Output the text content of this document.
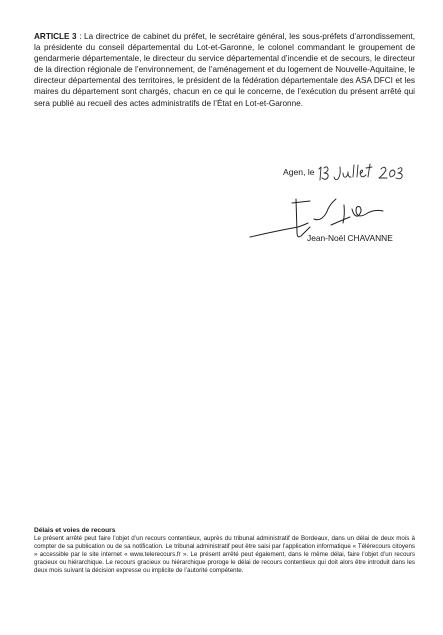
ARTICLE 3 : La directrice de cabinet du préfet, le secrétaire général, les sous-préfets d’arrondissement, la présidente du conseil départemental du Lot-et-Garonne, le colonel commandant le groupement de gendarmerie départementale, le directeur du service départemental d’incendie et de secours, le directeur de la direction régionale de l’environnement, de l’aménagement et du logement de Nouvelle-Aquitaine, le directeur départemental des territoires, le président de la fédération départementale des ASA DFCI et les maires du département sont chargés, chacun en ce qui le concerne, de l’exécution du présent arrêté qui sera publié au recueil des actes administratifs de l’État en Lot-et-Garonne.

Agen, le
Jean-Noël CHAVANNE

Délais et voies de recours
Le présent arrêté peut faire l’objet d’un recours contentieux, auprès du tribunal administratif de Bordeaux, dans un délai de deux mois à compter de sa publication ou de sa notification. Le tribunal administratif peut être saisi par l’application informatique « Télérecours citoyens » accessible par le site internet « www.telerecours.fr ». Le présent arrêté peut également, dans le même délai, faire l’objet d’un recours gracieux ou hiérarchique. Le recours gracieux ou hiérarchique proroge le délai de recours contentieux qui doit alors être introduit dans les deux mois suivant la décision expresse ou implicite de l’autorité compétente.
